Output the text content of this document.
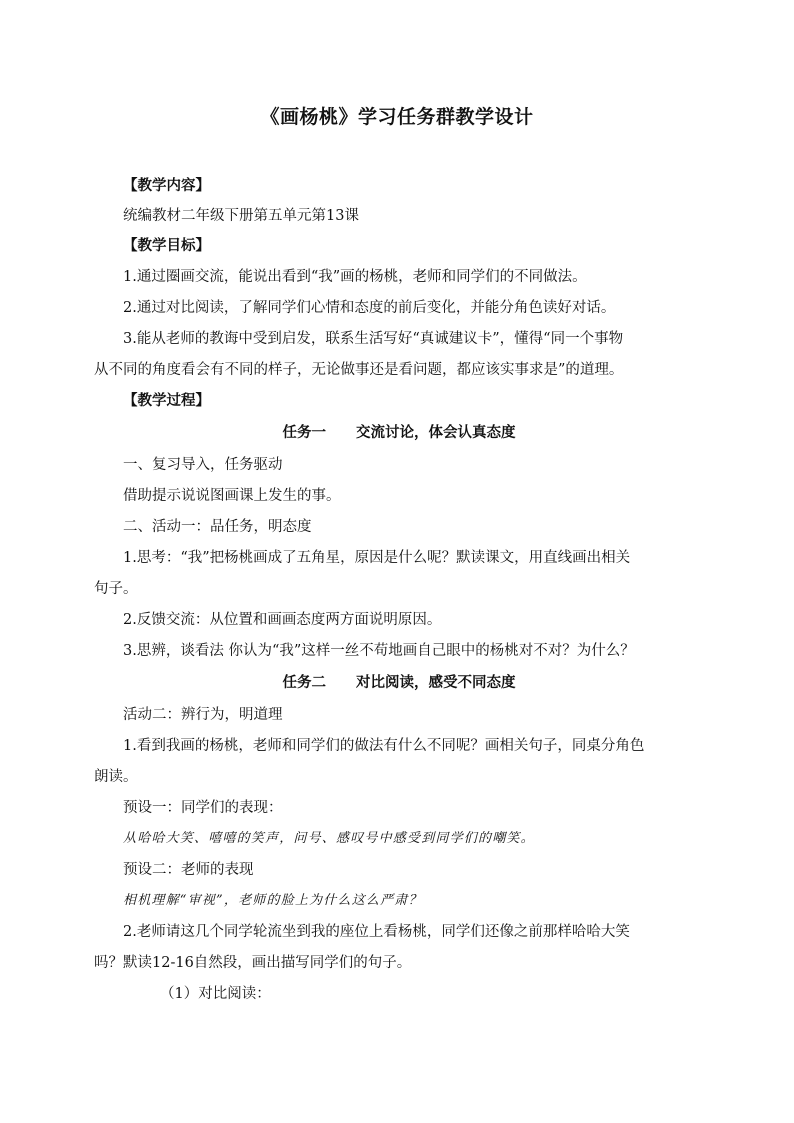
《画杨桃》学习任务群教学设计
【教学内容】
统编教材二年级下册第五单元第13课
【教学目标】
1.通过圈画交流，能说出看到“我”画的杨桃，老师和同学们的不同做法。
2.通过对比阅读，了解同学们心情和态度的前后变化，并能分角色读好对话。
3.能从老师的教诲中受到启发，联系生活写好“真诚建议卡”，懂得“同一个事物
从不同的角度看会有不同的样子，无论做事还是看问题，都应该实事求是”的道理。
【教学过程】
任务一 交流讨论，体会认真态度
一、复习导入，任务驱动
借助提示说说图画课上发生的事。
二、活动一：品任务，明态度
1.思考：“我”把杨桃画成了五角星，原因是什么呢？默读课文，用直线画出相关
句子。
2.反馈交流：从位置和画画态度两方面说明原因。
3.思辨，谈看法 你认为“我”这样一丝不苟地画自己眼中的杨桃对不对？为什么？
任务二 对比阅读，感受不同态度
活动二：辨行为，明道理
1.看到我画的杨桃，老师和同学们的做法有什么不同呢？画相关句子，同桌分角色
朗读。
预设一：同学们的表现：
从哈哈大笑、嘻嘻的笑声，问号、感叹号中感受到同学们的嘲笑。
预设二：老师的表现
相机理解“审视”，老师的脸上为什么这么严肃？
2.老师请这几个同学轮流坐到我的座位上看杨桃，同学们还像之前那样哈哈大笑
吗？默读12-16自然段，画出描写同学们的句子。
（1）对比阅读：
